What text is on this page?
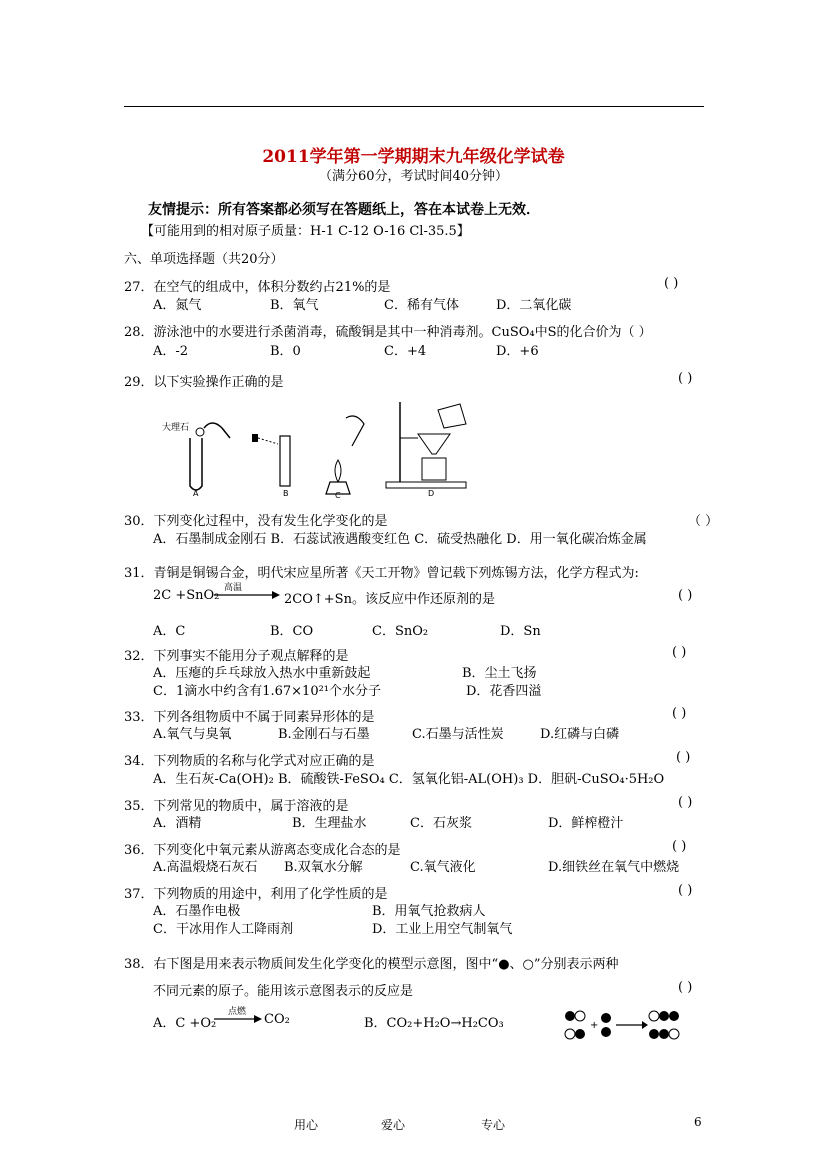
2011学年第一学期期末九年级化学试卷
（满分60分，考试时间40分钟）
友情提示：所有答案都必须写在答题纸上，答在本试卷上无效．
【可能用到的相对原子质量：H-1 C-12 O-16 Cl-35.5】
六、单项选择题（共20分）
27．在空气的组成中，体积分数约占21%的是	( )
A．氮气	B．氧气	C．稀有气体	D．二氧化碳
28．游泳池中的水要进行杀菌消毒，硫酸铜是其中一种消毒剂。CuSO₄中S的化合价为（ ）
A．-2	B．0	C．+4	D．+6
29．以下实验操作正确的是	( )
大理石
A	B	C	D
30．下列变化过程中，没有发生化学变化的是	（ ）
A．石墨制成金刚石 B．石蕊试液遇酸变红色 C．硫受热融化 D．用一氧化碳冶炼金属
31．青铜是铜锡合金，明代宋应星所著《天工开物》曾记载下列炼锡方法，化学方程式为:
2C +SnO₂ 高温
2CO↑+Sn。该反应中作还原剂的是	( )
A．C	B．CO	C．SnO₂	D．Sn
32．下列事实不能用分子观点解释的是	( )
A．压瘪的乒乓球放入热水中重新鼓起	B．尘土飞扬
C．1滴水中约含有1.67×10²¹个水分子	D．花香四溢
33．下列各组物质中不属于同素异形体的是	( )
A.氧气与臭氧	B.金刚石与石墨	C.石墨与活性炭	D.红磷与白磷
34．下列物质的名称与化学式对应正确的是	( )
A．生石灰-Ca(OH)₂ B．硫酸铁-FeSO₄ C．氢氧化铝-AL(OH)₃ D．胆矾-CuSO₄·5H₂O
35．下列常见的物质中，属于溶液的是	( )
A．酒精	B．生理盐水	C．石灰浆	D．鲜榨橙汁
36．下列变化中氧元素从游离态变成化合态的是	( )
A.高温煅烧石灰石 B.双氧水分解	C.氧气液化	D.细铁丝在氧气中燃烧
37．下列物质的用途中，利用了化学性质的是	( )
A．石墨作电极	B．用氧气抢救病人
C．干冰用作人工降雨剂	D．工业上用空气制氧气
38．右下图是用来表示物质间发生化学变化的模型示意图，图中“●、○”分别表示两种
不同元素的原子。能用该示意图表示的反应是	( )
A．C +O₂
点燃 CO₂	B．CO₂+H₂O→H₂CO₃	+
用心	爱心	专心	6
